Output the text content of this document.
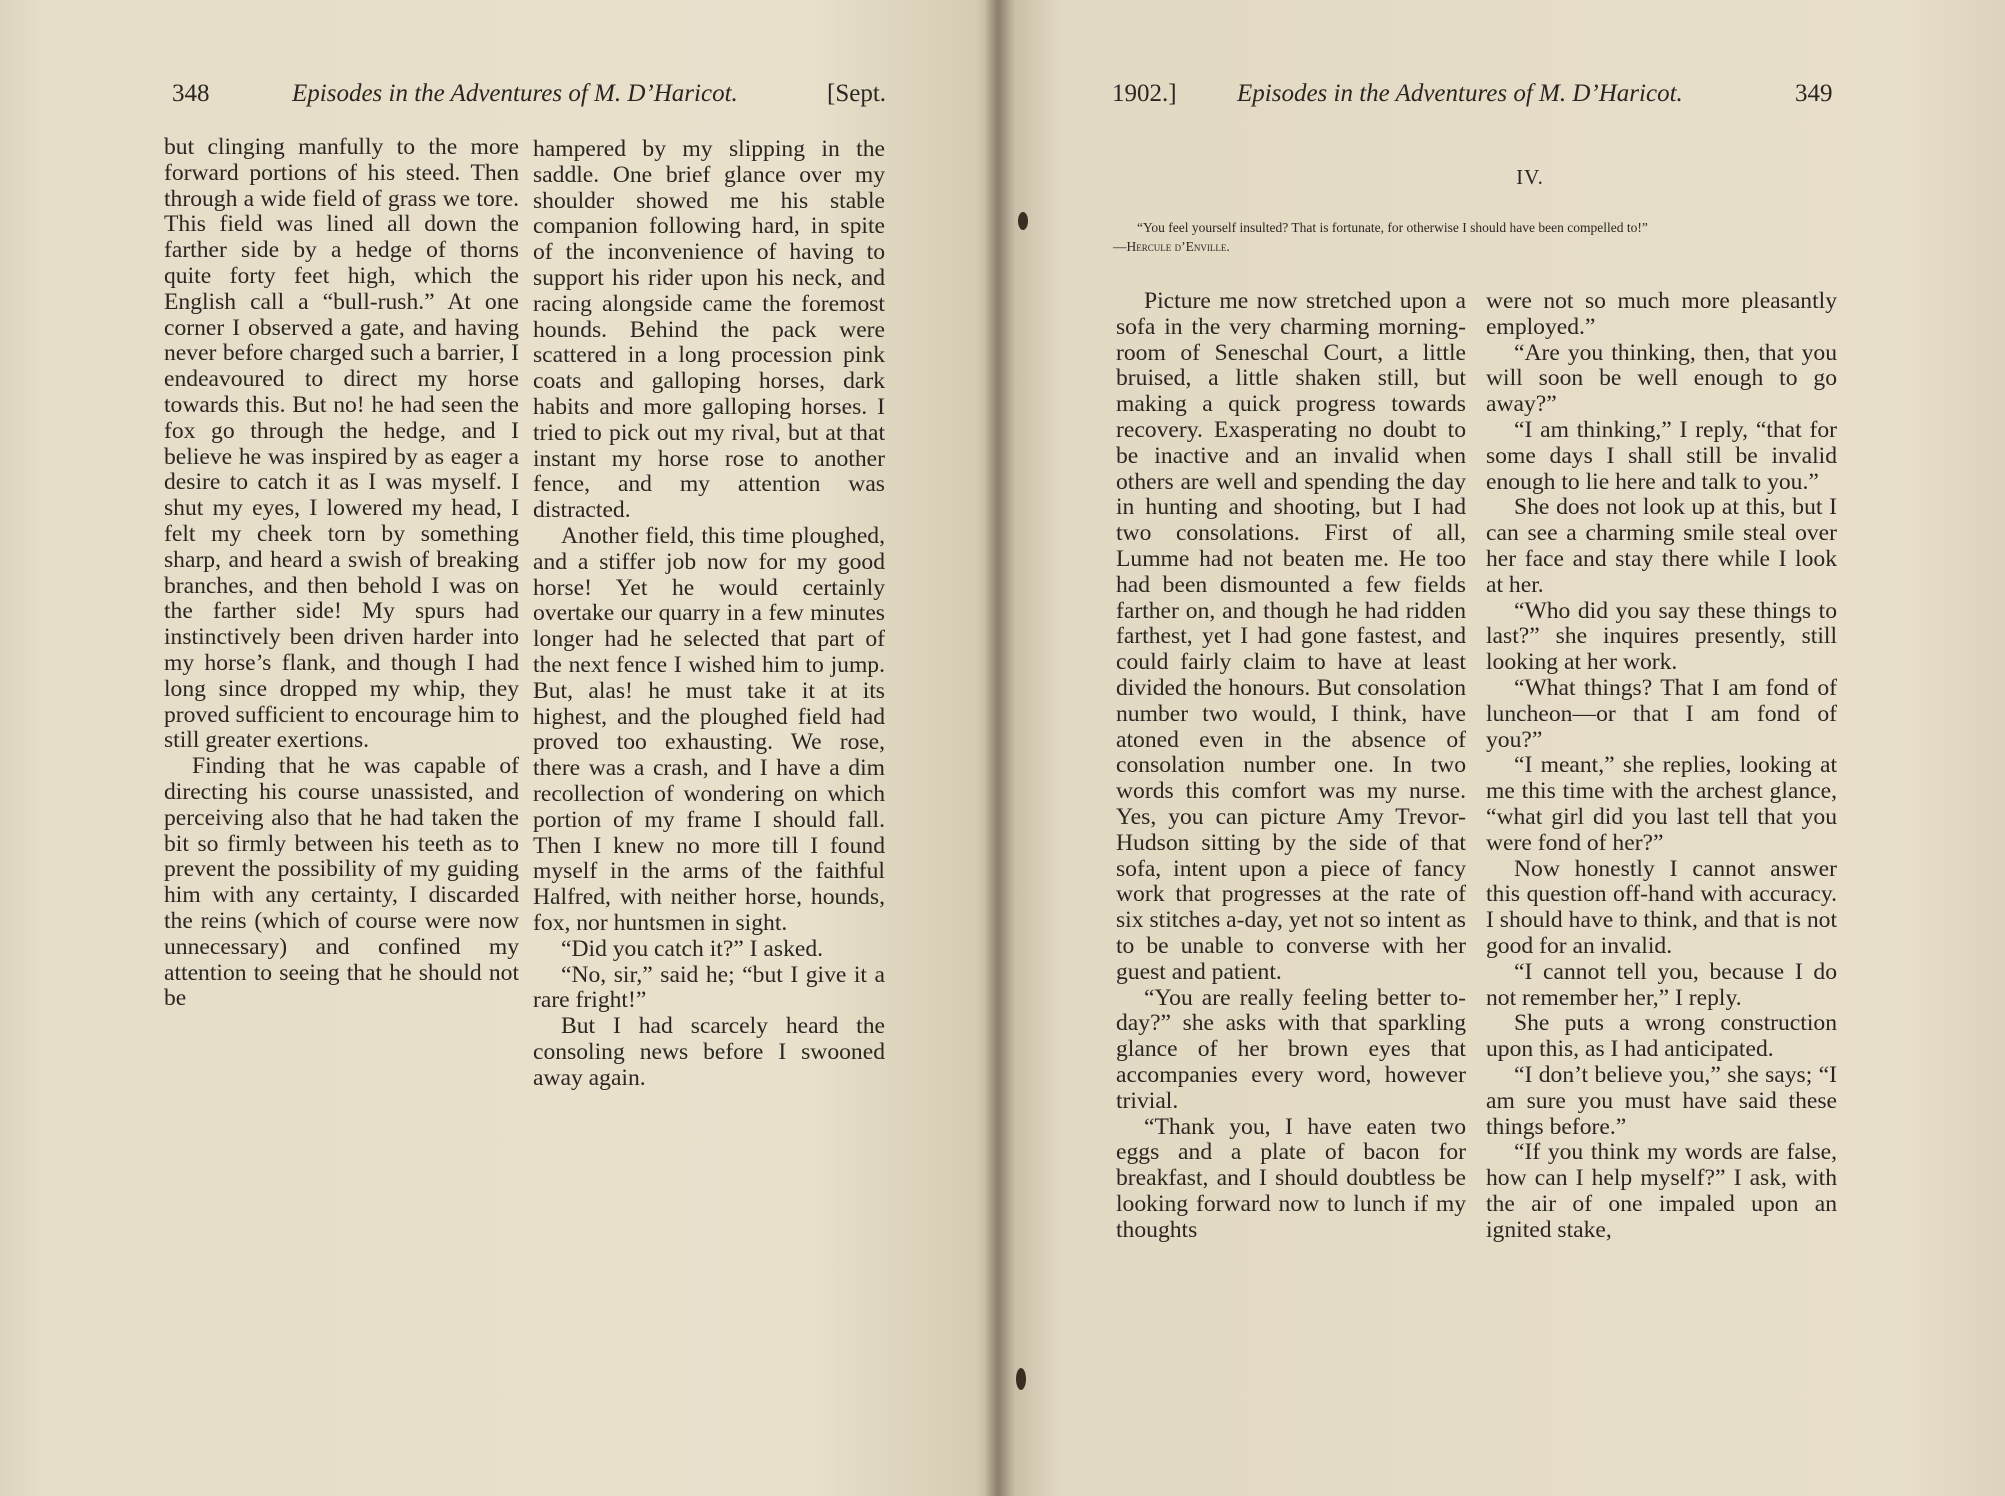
348	Episodes in the Adventures of M. D’Haricot.	[Sept.

but clinging manfully to the more forward portions of his steed. Then through a wide field of grass we tore. This field was lined all down the farther side by a hedge of thorns quite forty feet high, which the English call a “bull-rush.” At one corner I observed a gate, and having never before charged such a barrier, I endeavoured to direct my horse towards this. But no! he had seen the fox go through the hedge, and I believe he was inspired by as eager a desire to catch it as I was myself. I shut my eyes, I lowered my head, I felt my cheek torn by something sharp, and heard a swish of breaking branches, and then behold I was on the farther side! My spurs had instinctively been driven harder into my horse’s flank, and though I had long since dropped my whip, they proved sufficient to encourage him to still greater exertions.

Finding that he was capable of directing his course unassisted, and perceiving also that he had taken the bit so firmly between his teeth as to prevent the possibility of my guiding him with any certainty, I discarded the reins (which of course were now unnecessary) and confined my attention to seeing that he should not be

hampered by my slipping in the saddle. One brief glance over my shoulder showed me his stable companion following hard, in spite of the inconvenience of having to support his rider upon his neck, and racing alongside came the foremost hounds. Behind the pack were scattered in a long procession pink coats and galloping horses, dark habits and more galloping horses. I tried to pick out my rival, but at that instant my horse rose to another fence, and my attention was distracted.

Another field, this time ploughed, and a stiffer job now for my good horse! Yet he would certainly overtake our quarry in a few minutes longer had he selected that part of the next fence I wished him to jump. But, alas! he must take it at its highest, and the ploughed field had proved too exhausting. We rose, there was a crash, and I have a dim recollection of wondering on which portion of my frame I should fall. Then I knew no more till I found myself in the arms of the faithful Halfred, with neither horse, hounds, fox, nor huntsmen in sight.

“Did you catch it?” I asked.

“No, sir,” said he; “but I give it a rare fright!”

But I had scarcely heard the consoling news before I swooned away again.

1902.] Episodes in the Adventures of M. D’Haricot.	349
IV.
“You feel yourself insulted? That is fortunate, for otherwise I should have been compelled to!”
—Hercule d’Enville.

Picture me now stretched upon a sofa in the very charming morning-room of Seneschal Court, a little bruised, a little shaken still, but making a quick progress towards recovery. Exasperating no doubt to be inactive and an invalid when others are well and spending the day in hunting and shooting, but I had two consolations. First of all, Lumme had not beaten me. He too had been dismounted a few fields farther on, and though he had ridden farthest, yet I had gone fastest, and could fairly claim to have at least divided the honours. But consolation number two would, I think, have atoned even in the absence of consolation number one. In two words this comfort was my nurse. Yes, you can picture Amy Trevor-Hudson sitting by the side of that sofa, intent upon a piece of fancy work that progresses at the rate of six stitches a-day, yet not so intent as to be unable to converse with her guest and patient.

“You are really feeling better to-day?” she asks with that sparkling glance of her brown eyes that accompanies every word, however trivial.

“Thank you, I have eaten two eggs and a plate of bacon for breakfast, and I should doubtless be looking forward now to lunch if my thoughts

were not so much more pleasantly employed.”

“Are you thinking, then, that you will soon be well enough to go away?”

“I am thinking,” I reply, “that for some days I shall still be invalid enough to lie here and talk to you.”

She does not look up at this, but I can see a charming smile steal over her face and stay there while I look at her.

“Who did you say these things to last?” she inquires presently, still looking at her work.

“What things? That I am fond of luncheon—or that I am fond of you?”

“I meant,” she replies, looking at me this time with the archest glance, “what girl did you last tell that you were fond of her?”

Now honestly I cannot answer this question off-hand with accuracy. I should have to think, and that is not good for an invalid.

“I cannot tell you, because I do not remember her,” I reply.

She puts a wrong construction upon this, as I had anticipated.

“I don’t believe you,” she says; “I am sure you must have said these things before.”

“If you think my words are false, how can I help myself?” I ask, with the air of one impaled upon an ignited stake,
